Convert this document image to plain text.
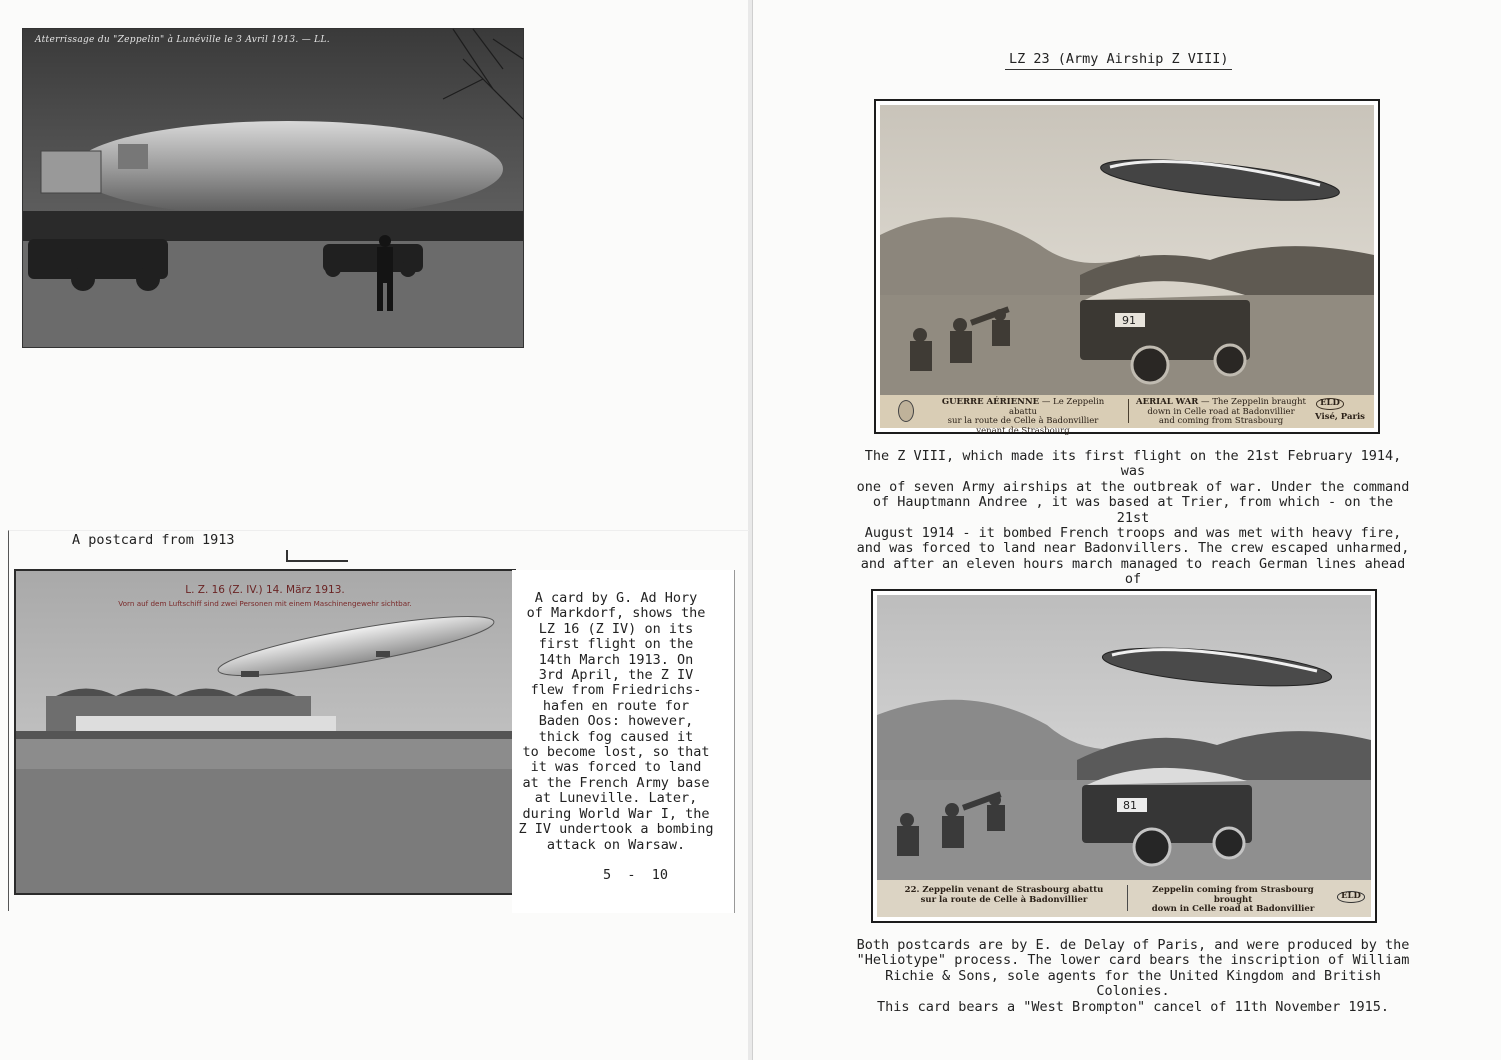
Atterrissage du "Zeppelin" à Lunéville le 3 Avril 1913. — LL.
A postcard from 1913
L. Z. 16 (Z. IV.) 14. März 1913.
Vorn auf dem Luftschiff sind zwei Personen mit einem Maschinengewehr sichtbar.	A card by G. Ad Hory
of Markdorf, shows the
LZ 16 (Z IV) on its
first flight on the
14th March 1913. On
3rd April, the Z IV
flew from Friedrichs-
hafen en route for
Baden Oos: however,
thick fog caused it
to become lost, so that
it was forced to land
at the French Army base
at Luneville. Later,
during World War I, the
Z IV undertook a bombing
attack on Warsaw.
5  -  10
LZ 23 (Army Airship Z VIII)
91
GUERRE AÉRIENNE — Le Zeppelin abattu
sur la route de Celle à Badonvillier
venant de Strasbourg
AERIAL WAR — The Zeppelin braught
down in Celle road at Badonvillier
and coming from Strasbourg
ELD
Visé, Paris
The Z VIII, which made its first flight on the 21st February 1914, was
one of seven Army airships at the outbreak of war. Under the command
of Hauptmann Andree , it was based at Trier, from which - on the 21st
August 1914 - it bombed French troops and was met with heavy fire,
and was forced to land near Badonvillers. The crew escaped unharmed,
and after an eleven hours march managed to reach German lines ahead of

81
22. Zeppelin venant de Strasbourg abattu
sur la route de Celle à Badonvillier
Zeppelin coming from Strasbourg brought
down in Celle road at Badonvillier
ELD
Both postcards are by E. de Delay of Paris, and were produced by the
"Heliotype" process. The lower card bears the inscription of William
Richie & Sons, sole agents for the United Kingdom and British Colonies.
This card bears a "West Brompton" cancel of 11th November 1915.
